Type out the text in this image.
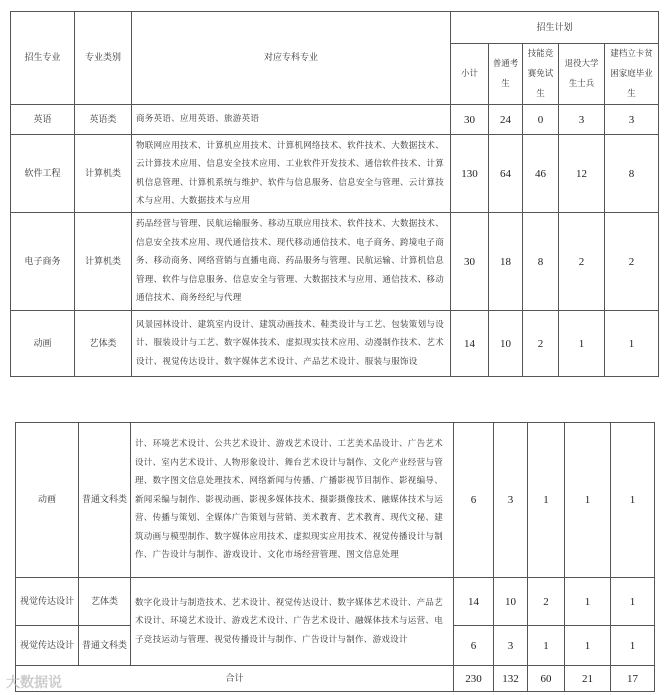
招生专业	专业类别	对应专科专业	招生计划				
			小计	普通考生	技能竞赛免试生	退役大学生士兵	建档立卡贫困家庭毕业生
英语	英语类	商务英语、应用英语、旅游英语	30	24	0	3	3
软件工程	计算机类	物联网应用技术、计算机应用技术、计算机网络技术、软件技术、大数据技术、云计算技术应用、信息安全技术应用、工业软件开发技术、通信软件技术、计算机信息管理、计算机系统与维护、软件与信息服务、信息安全与管理、云计算技术与应用、大数据技术与应用	130	64	46	12	8
电子商务	计算机类	药品经营与管理、民航运输服务、移动互联应用技术、软件技术、大数据技术、信息安全技术应用、现代通信技术、现代移动通信技术、电子商务、跨境电子商务、移动商务、网络营销与直播电商、药品服务与管理、民航运输、计算机信息管理、软件与信息服务、信息安全与管理、大数据技术与应用、通信技术、移动通信技术、商务经纪与代理	30	18	8	2	2
动画	艺体类	风景园林设计、建筑室内设计、建筑动画技术、鞋类设计与工艺、包装策划与设计、服装设计与工艺、数字媒体技术、虚拟现实技术应用、动漫制作技术、艺术设计、视觉传达设计、数字媒体艺术设计、产品艺术设计、服装与服饰设	14	10	2	1	1
动画	普通文科类	计、环境艺术设计、公共艺术设计、游戏艺术设计、工艺美术品设计、广告艺术设计、室内艺术设计、人物形象设计、舞台艺术设计与制作、文化产业经营与管理、数字图文信息处理技术、网络新闻与传播、广播影视节目制作、影视编导、新闻采编与制作、影视动画、影视多媒体技术、摄影摄像技术、融媒体技术与运营、传播与策划、全媒体广告策划与营销、美术教育、艺术教育、现代文秘、建筑动画与模型制作、数字媒体应用技术、虚拟现实应用技术、视觉传播设计与制作、广告设计与制作、游戏设计、文化市场经营管理、图文信息处理	6	3	1	1	1
视觉传达设计	艺体类	数字化设计与制造技术、艺术设计、视觉传达设计、数字媒体艺术设计、产品艺术设计、环境艺术设计、游戏艺术设计、广告艺术设计、融媒体技术与运营、电子竞技运动与管理、视觉传播设计与制作、广告设计与制作、游戏设计	14	10	2	1	1
视觉传达设计	普通文科类		6	3	1	1	1
合计			230	132	60	21	17
大数据说
